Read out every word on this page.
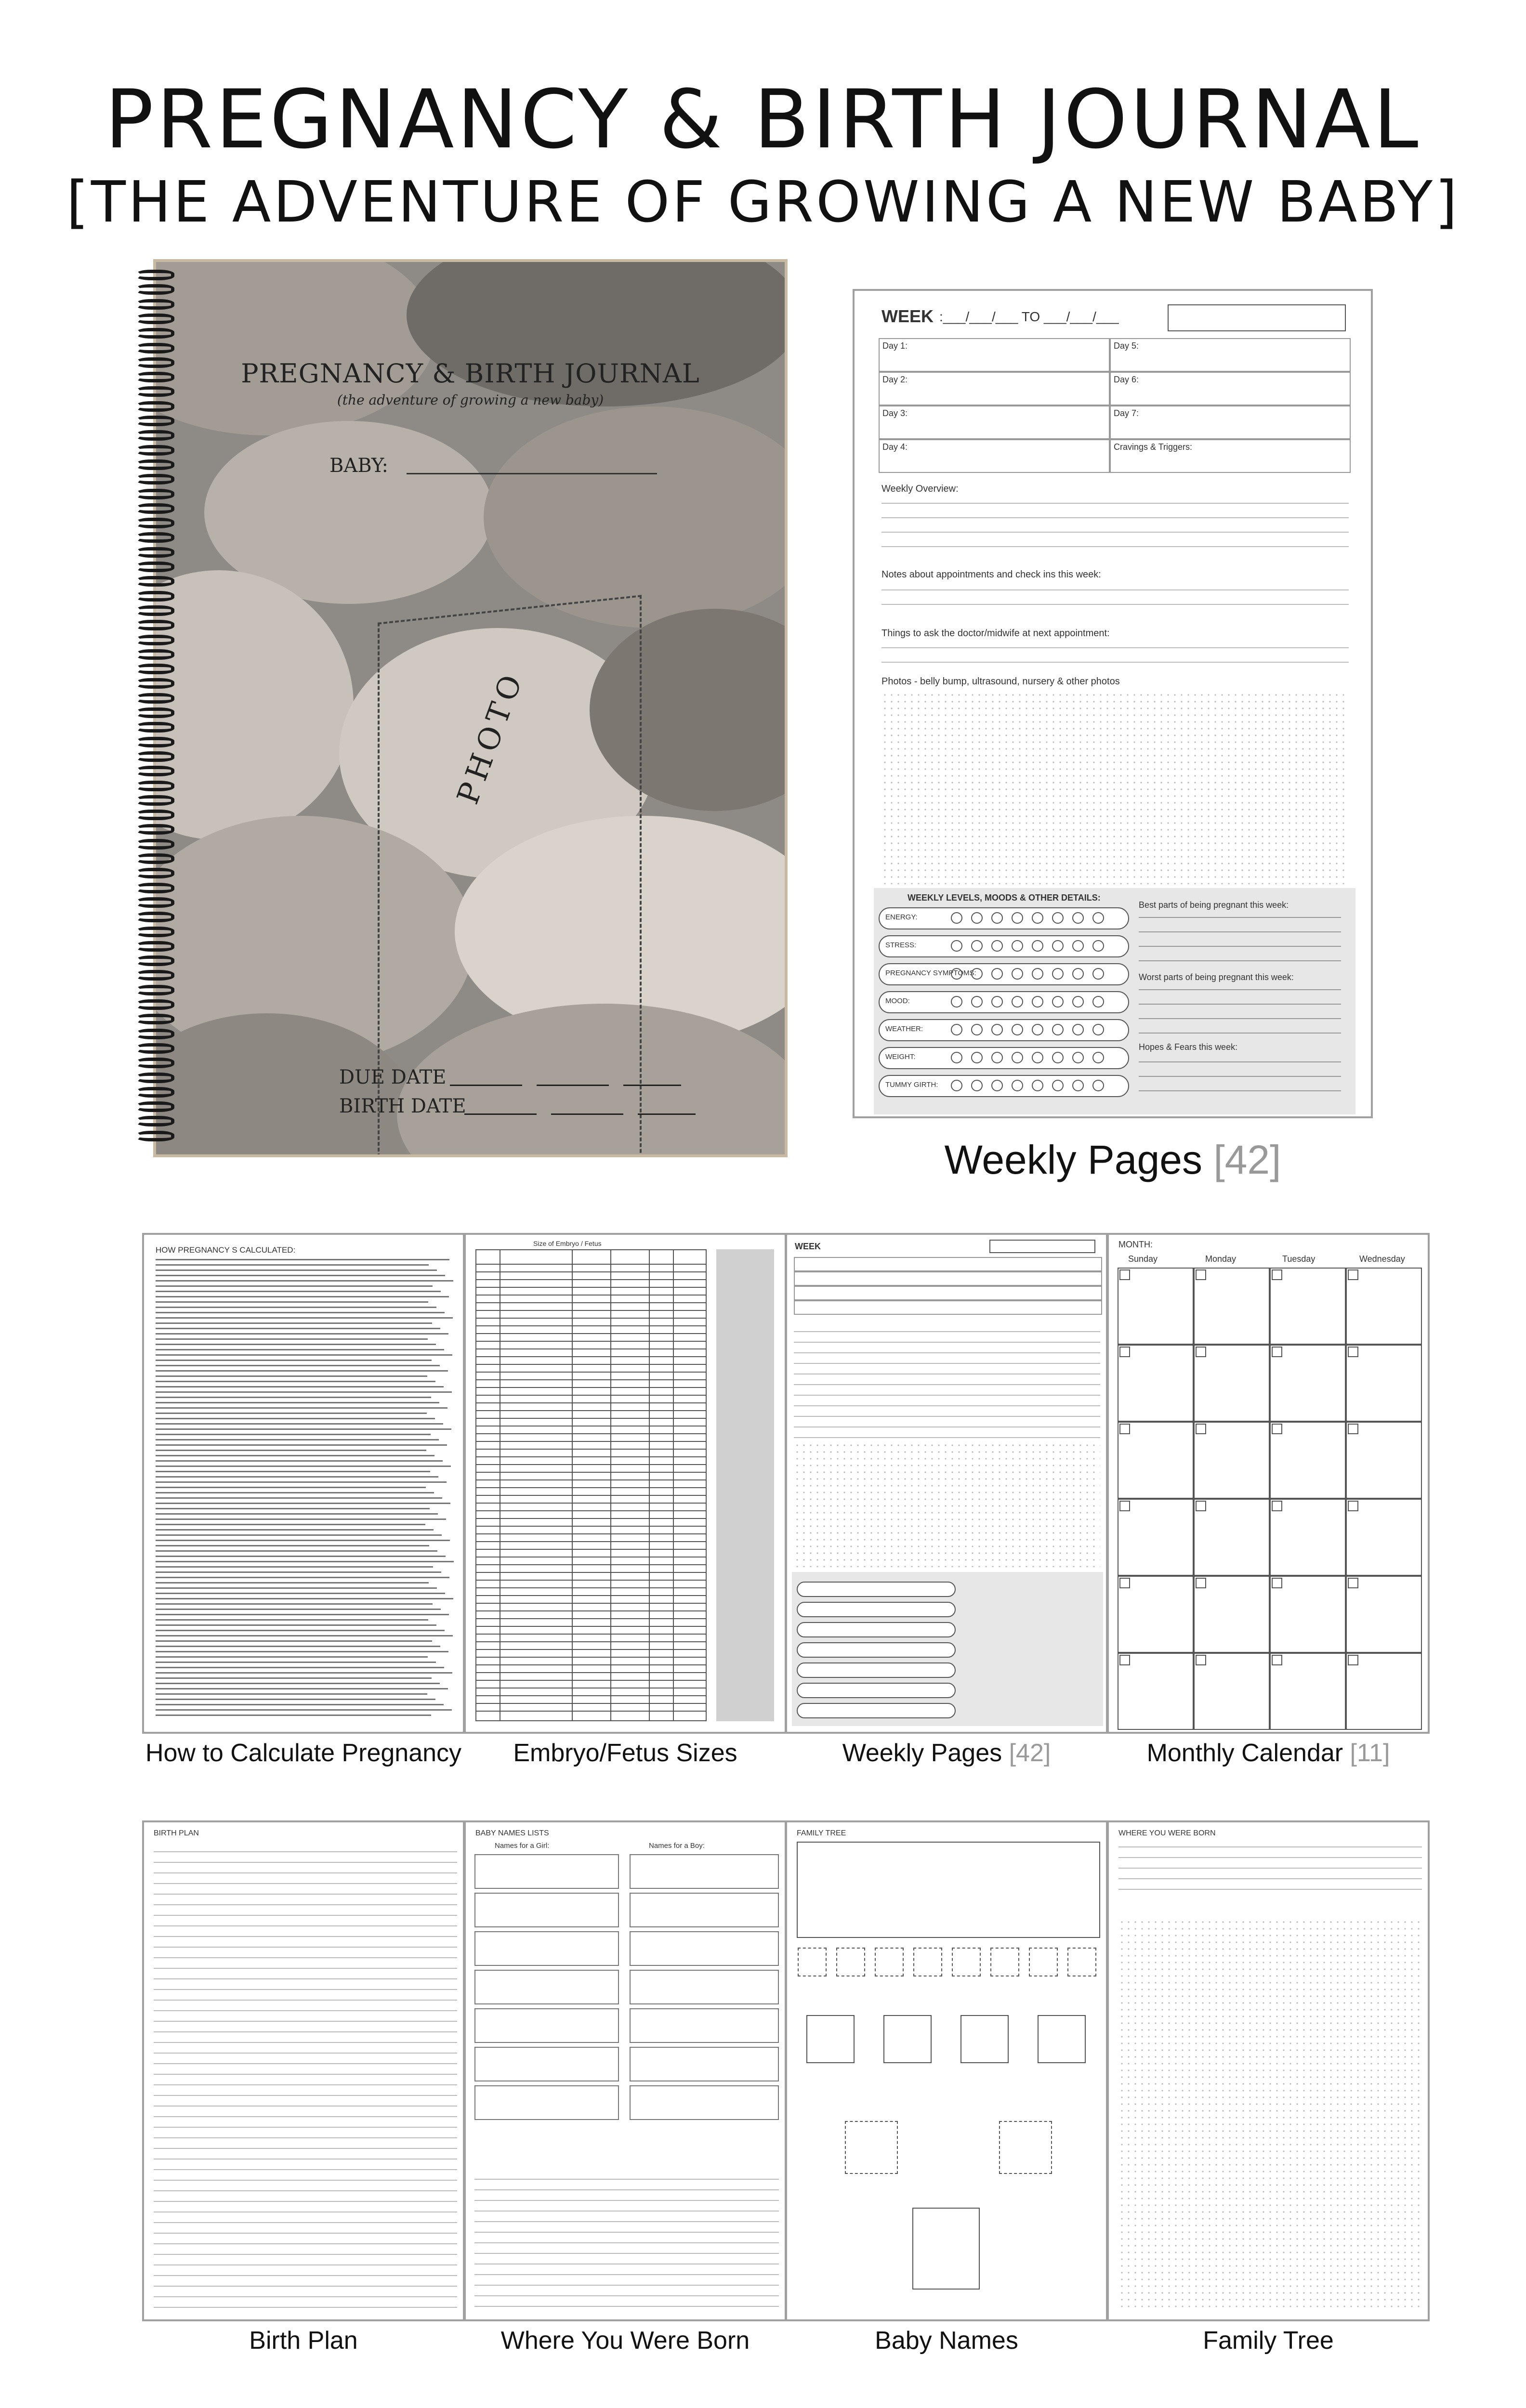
PREGNANCY & BIRTH JOURNAL
[THE ADVENTURE OF GROWING A NEW BABY]
PREGNANCY & BIRTH JOURNAL
(the adventure of growing a new baby)
BABY:
PHOTO
DUE DATE
BIRTH DATE
WEEK :___/___/___ TO ___/___/___
Day 1:	Day 5:
Day 2:	Day 6:
Day 3:	Day 7:
Day 4:	Cravings & Triggers:
Weekly Overview:
Notes about appointments and check ins this week:
Things to ask the doctor/midwife at next appointment:
Photos - belly bump, ultrasound, nursery & other photos
WEEKLY LEVELS, MOODS & OTHER DETAILS:
ENERGY:
STRESS:
PREGNANCY SYMPTOMS:
MOOD:
WEATHER:
WEIGHT:
TUMMY GIRTH:
Best parts of being pregnant this week:
Worst parts of being pregnant this week:
Hopes & Fears this week:
Weekly Pages [42]
HOW PREGNANCY S CALCULATED:
How to Calculate Pregnancy
Size of Embryo / Fetus
Embryo/Fetus Sizes
WEEK
Weekly Pages [42]
MONTH:
Sunday	Monday	Tuesday	Wednesday
Monthly Calendar [11]
BIRTH PLAN
Birth Plan
BABY NAMES LISTS
Names for a Girl:	Names for a Boy:
Where You Were Born
FAMILY TREE
Baby Names
WHERE YOU WERE BORN
Family Tree
